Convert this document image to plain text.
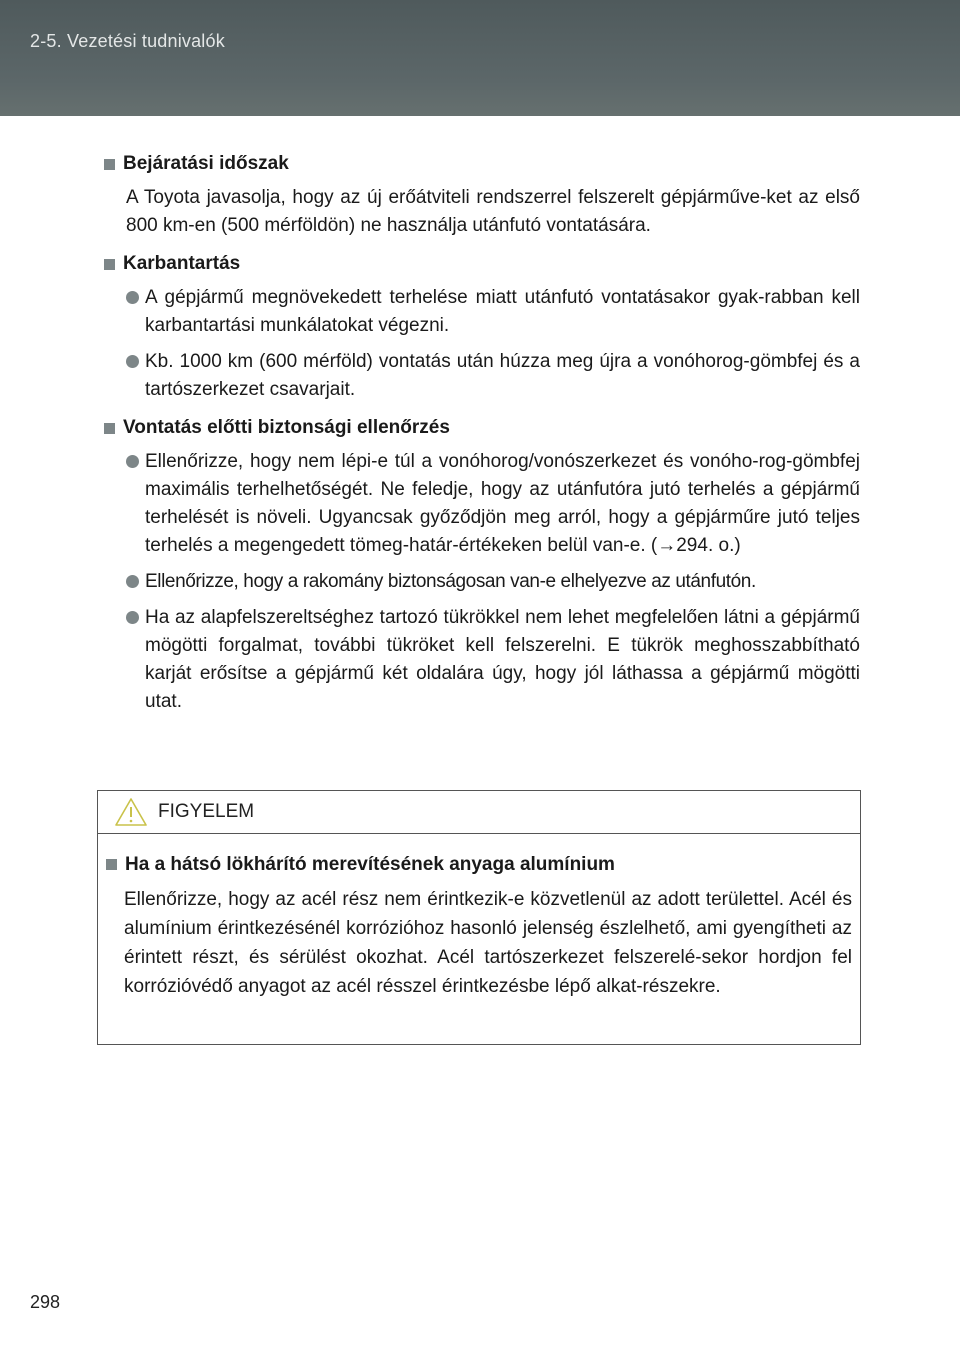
2-5. Vezetési tudnivalók
Bejáratási időszak
A Toyota javasolja, hogy az új erőátviteli rendszerrel felszerelt gépjárműve-ket az első 800 km-en (500 mérföldön) ne használja utánfutó vontatására.
Karbantartás
A gépjármű megnövekedett terhelése miatt utánfutó vontatásakor gyak-rabban kell karbantartási munkálatokat végezni.
Kb. 1000 km (600 mérföld) vontatás után húzza meg újra a vonóhorog-gömbfej és a tartószerkezet csavarjait.
Vontatás előtti biztonsági ellenőrzés
Ellenőrizze, hogy nem lépi-e túl a vonóhorog/vonószerkezet és vonóho-rog-gömbfej maximális terhelhetőségét. Ne feledje, hogy az utánfutóra jutó terhelés a gépjármű terhelését is növeli. Ugyancsak győződjön meg arról, hogy a gépjárműre jutó teljes terhelés a megengedett tömeg-határ-értékeken belül van-e. (→294. o.)
Ellenőrizze, hogy a rakomány biztonságosan van-e elhelyezve az utánfutón.
Ha az alapfelszereltséghez tartozó tükrökkel nem lehet megfelelően látni a gépjármű mögötti forgalmat, további tükröket kell felszerelni. E tükrök meghosszabbítható karját erősítse a gépjármű két oldalára úgy, hogy jól láthassa a gépjármű mögötti utat.
FIGYELEM
Ha a hátsó lökhárító merevítésének anyaga alumínium
Ellenőrizze, hogy az acél rész nem érintkezik-e közvetlenül az adott területtel. Acél és alumínium érintkezésénél korrózióhoz hasonló jelenség észlelhető, ami gyengítheti az érintett részt, és sérülést okozhat. Acél tartószerkezet felszerelé-sekor hordjon fel korrózióvédő anyagot az acél résszel érintkezésbe lépő alkat-részekre.
298
